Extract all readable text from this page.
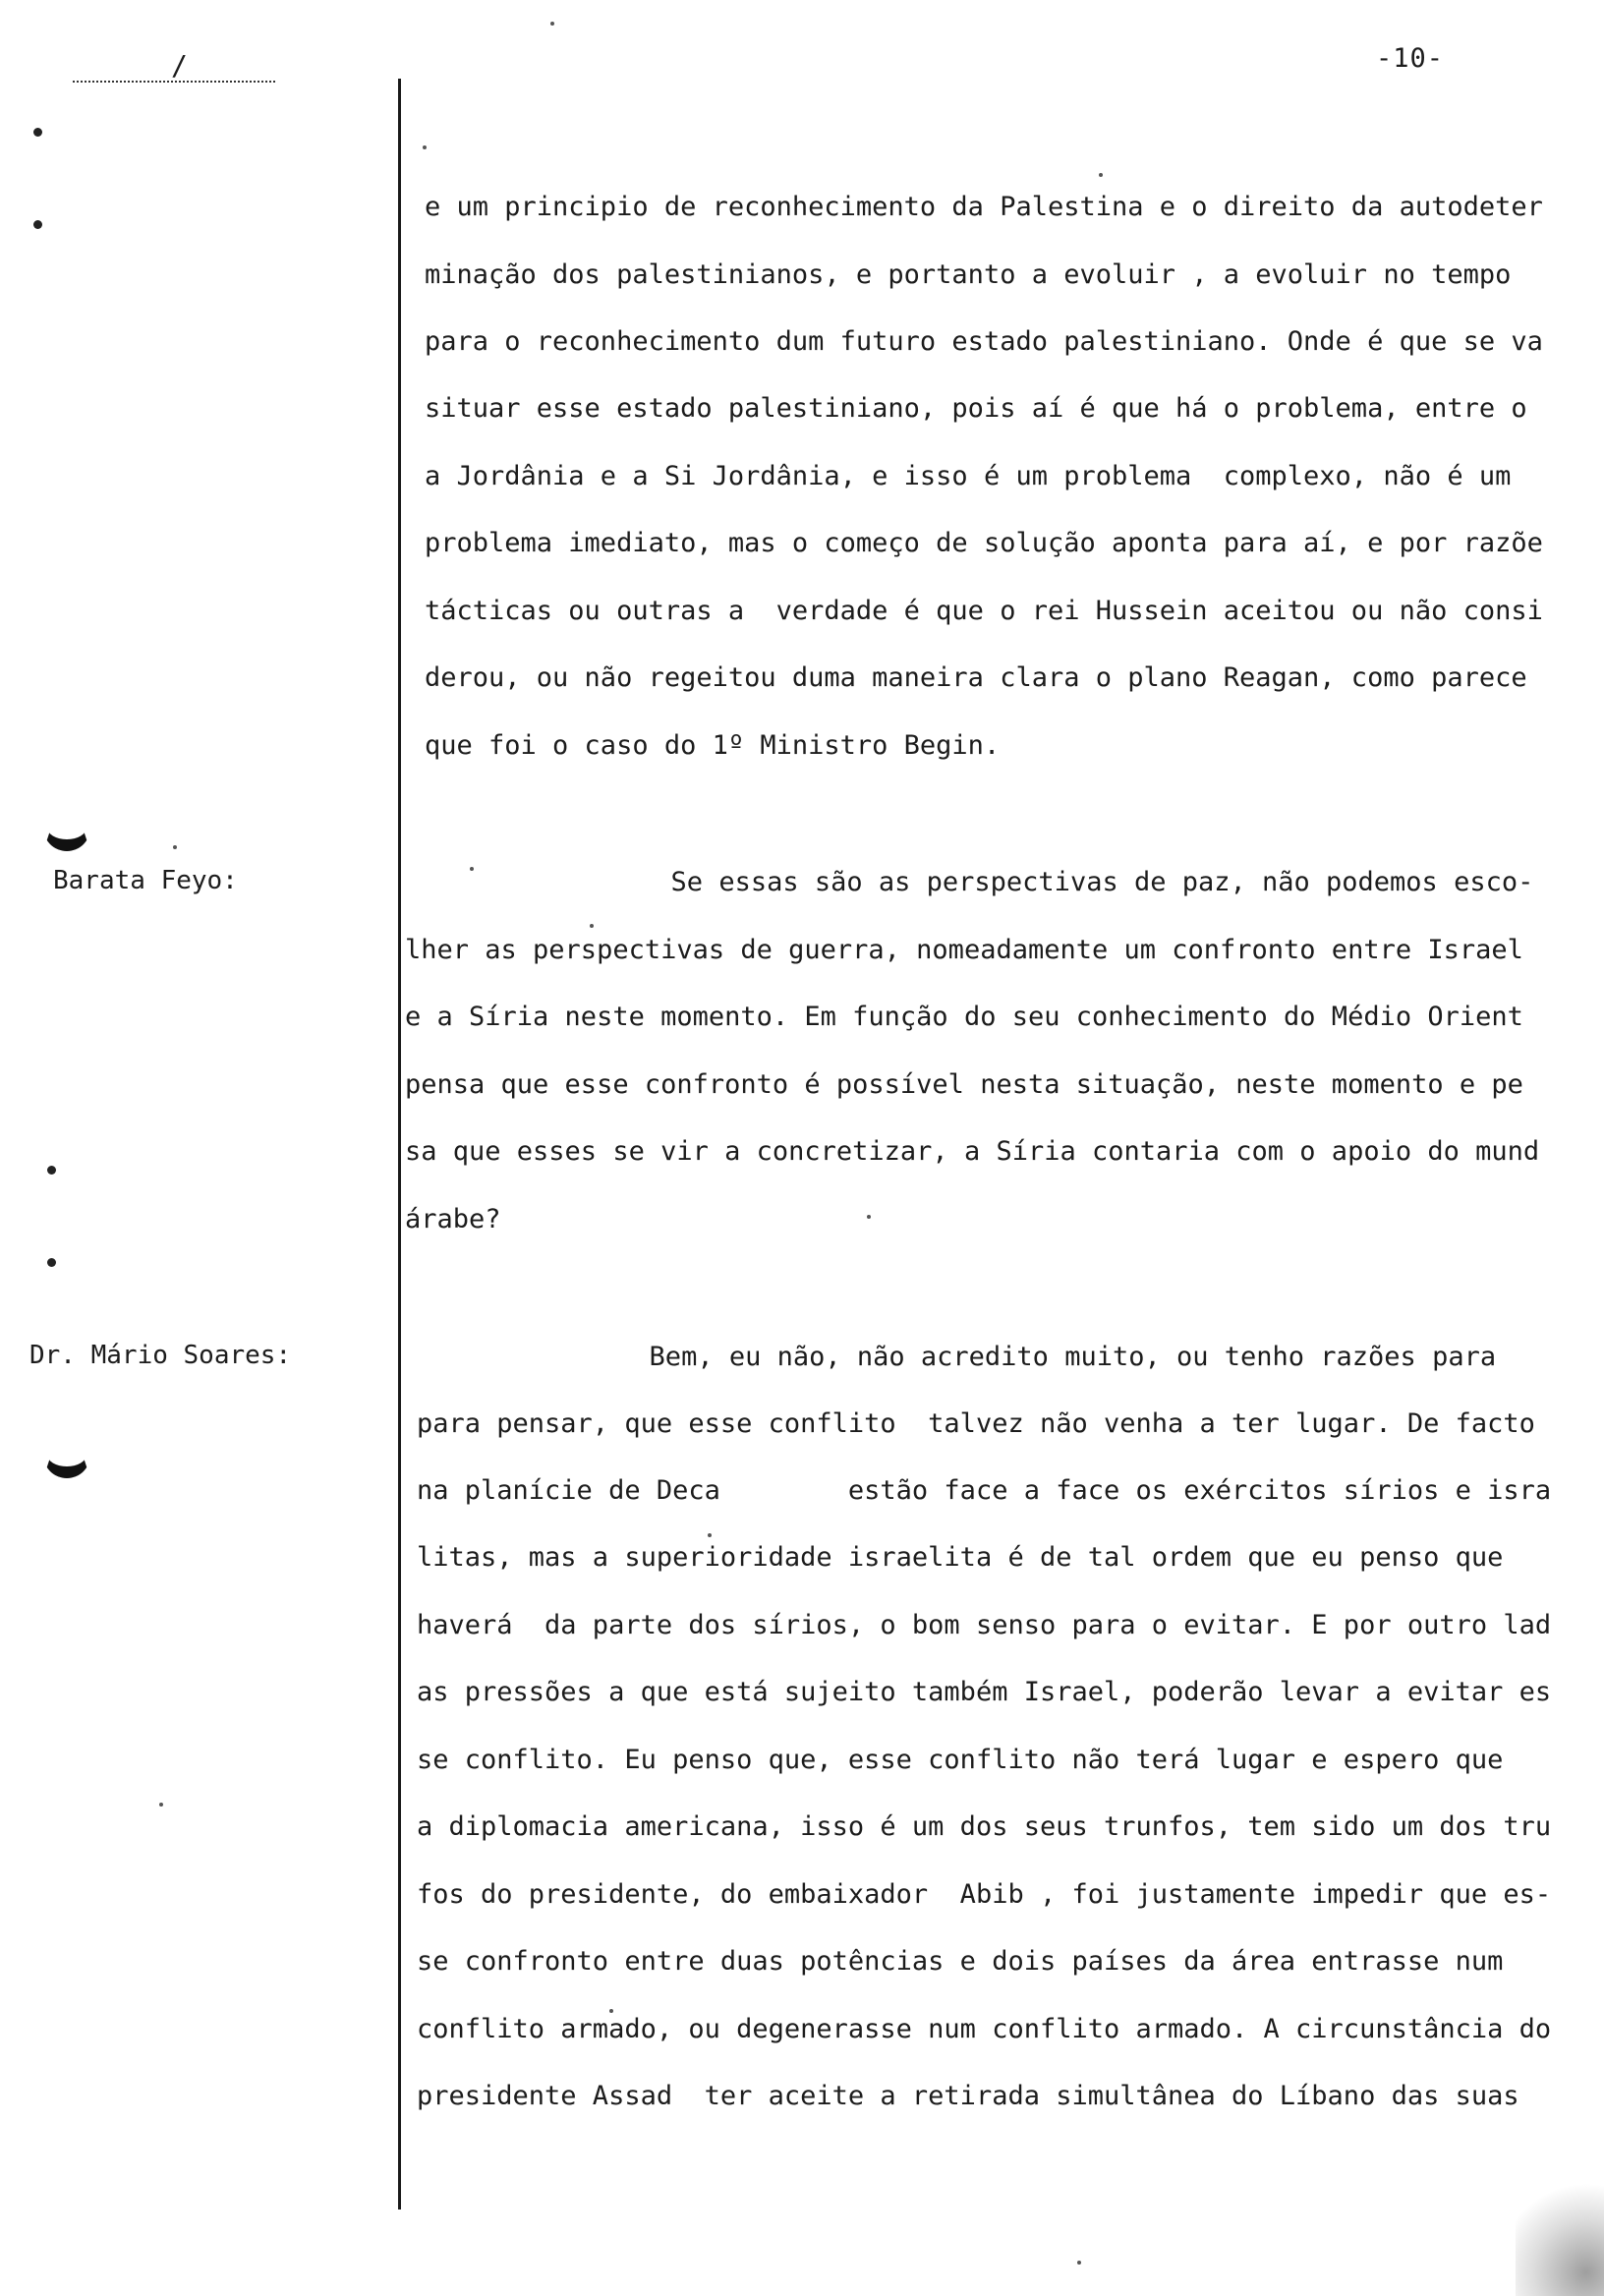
/	-10-
Barata Feyo:
Dr. Mário Soares:
e um principio de reconhecimento da Palestina e o direito da autodeter
minação dos palestinianos, e portanto a evoluir , a evoluir no tempo
para o reconhecimento dum futuro estado palestiniano. Onde é que se va
situar esse estado palestiniano, pois aí é que há o problema, entre o
a Jordânia e a Si Jordânia, e isso é um problema  complexo, não é um
problema imediato, mas o começo de solução aponta para aí, e por razõe
tácticas ou outras a  verdade é que o rei Hussein aceitou ou não consi
derou, ou não regeitou duma maneira clara o plano Reagan, como parece
que foi o caso do 1º Ministro Begin.
Se essas são as perspectivas de paz, não podemos esco-
lher as perspectivas de guerra, nomeadamente um confronto entre Israel
e a Síria neste momento. Em função do seu conhecimento do Médio Orient
pensa que esse confronto é possível nesta situação, neste momento e pe
sa que esses se vir a concretizar, a Síria contaria com o apoio do mund
árabe?
Bem, eu não, não acredito muito, ou tenho razões para
para pensar, que esse conflito  talvez não venha a ter lugar. De facto
na planície de Deca        estão face a face os exércitos sírios e isra
litas, mas a superioridade israelita é de tal ordem que eu penso que
haverá  da parte dos sírios, o bom senso para o evitar. E por outro lad
as pressões a que está sujeito também Israel, poderão levar a evitar es
se conflito. Eu penso que, esse conflito não terá lugar e espero que
a diplomacia americana, isso é um dos seus trunfos, tem sido um dos tru
fos do presidente, do embaixador  Abib , foi justamente impedir que es-
se confronto entre duas potências e dois países da área entrasse num
conflito armado, ou degenerasse num conflito armado. A circunstância do
presidente Assad  ter aceite a retirada simultânea do Líbano das suas
